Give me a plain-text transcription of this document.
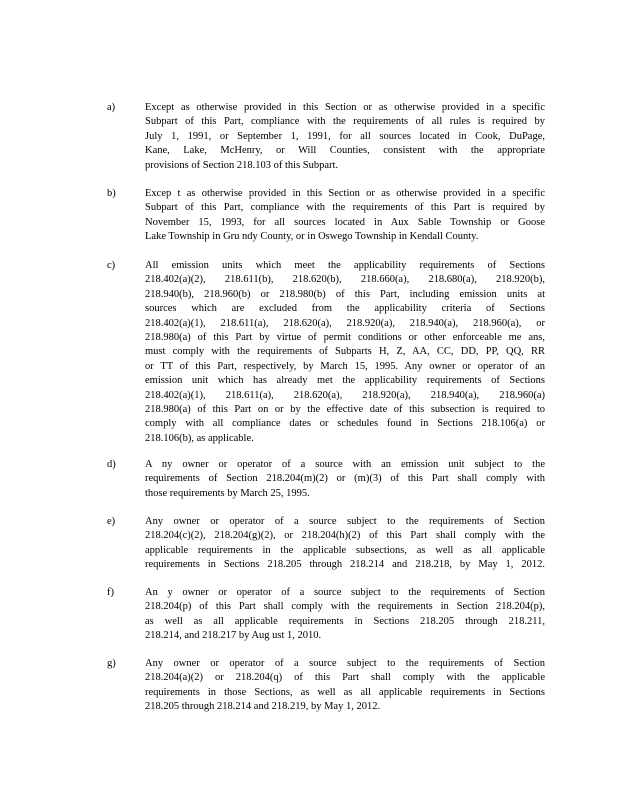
a)	Except as otherwise provided in this Section or as otherwise provided in a specific
Subpart of this Part, compliance with the requirements of all rules is required by
July 1, 1991, or September 1, 1991, for all sources located in Cook, DuPage,
Kane, Lake, McHenry, or Will Counties, consistent with the appropriate
provisions of Section 218.103 of this Subpart.
b)	Excep t as otherwise provided in this Section or as otherwise provided in a specific
Subpart of this Part, compliance with the requirements of this Part is required by
November 15, 1993, for all sources located in Aux Sable Township or Goose
Lake Township in Gru ndy County, or in Oswego Township in Kendall County.
c)	All emission units which meet the applicability requirements of Sections
218.402(a)(2), 218.611(b), 218.620(b), 218.660(a), 218.680(a), 218.920(b),
218.940(b), 218.960(b) or 218.980(b) of this Part, including emission units at
sources which are excluded from the applicability criteria of Sections
218.402(a)(1), 218.611(a), 218.620(a), 218.920(a), 218.940(a), 218.960(a), or
218.980(a) of this Part by virtue of permit conditions or other enforceable me ans,
must comply with the requirements of Subparts H, Z, AA, CC, DD, PP, QQ, RR
or TT of this Part, respectively, by March 15, 1995. Any owner or operator of an
emission unit which has already met the applicability requirements of Sections
218.402(a)(1), 218.611(a), 218.620(a), 218.920(a), 218.940(a), 218.960(a)
218.980(a) of this Part on or by the effective date of this subsection is required to
comply with all compliance dates or schedules found in Sections 218.106(a) or
218.106(b), as applicable.
d)	A ny owner or operator of a source with an emission unit subject to the
requirements of Section 218.204(m)(2) or (m)(3) of this Part shall comply with
those requirements by March 25, 1995.
e)	Any owner or operator of a source subject to the requirements of Section
218.204(c)(2), 218.204(g)(2), or 218.204(h)(2) of this Part shall comply with the
applicable requirements in the applicable subsections, as well as all applicable
requirements in Sections 218.205 through 218.214 and 218.218, by May 1, 2012.
f)	An y owner or operator of a source subject to the requirements of Section
218.204(p) of this Part shall comply with the requirements in Section 218.204(p),
as well as all applicable requirements in Sections 218.205 through 218.211,
218.214, and 218.217 by Aug ust 1, 2010.
g)	Any owner or operator of a source subject to the requirements of Section
218.204(a)(2) or 218.204(q) of this Part shall comply with the applicable
requirements in those Sections, as well as all applicable requirements in Sections
218.205 through 218.214 and 218.219, by May 1, 2012.
